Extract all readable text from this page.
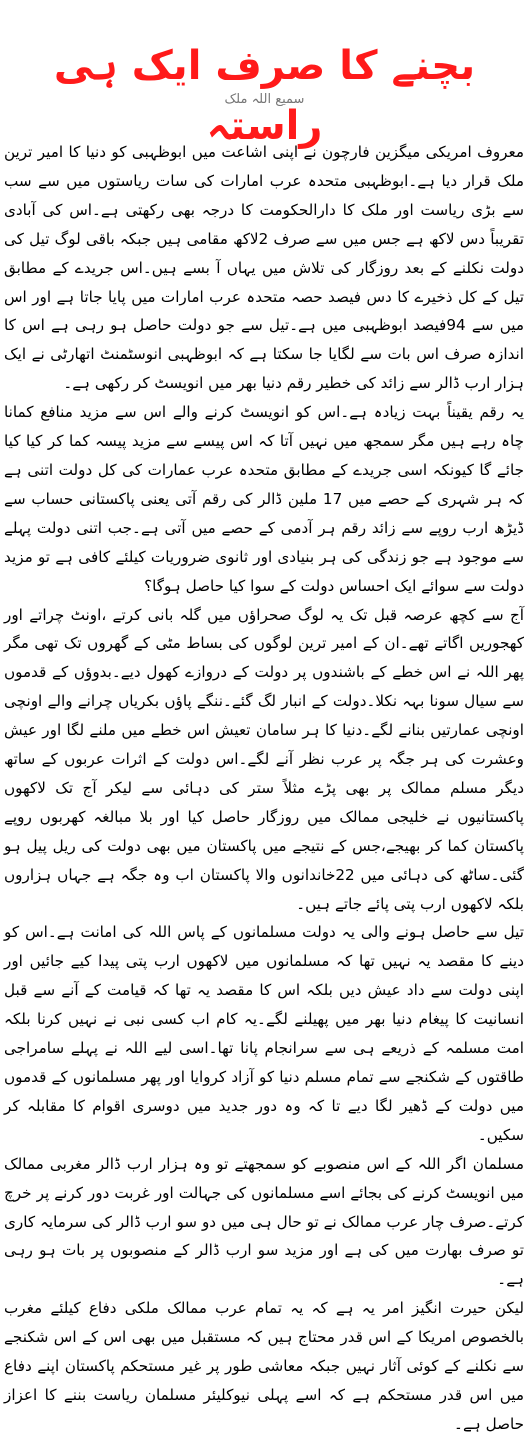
بچنے کا صرف ایک ہی راستہ
سمیع اللہ ملک

معروف امریکی میگزین فارچون نے اپنی اشاعت میں ابوظہبی کو دنیا کا امیر ترین ملک قرار دیا ہے۔ابوظہبی متحدہ عرب امارات کی سات ریاستوں میں سے سب سے بڑی ریاست اور ملک کا دارالحکومت کا درجہ بھی رکھتی ہے۔اس کی آبادی تقریباً دس لاکھ ہے جس میں سے صرف 2لاکھ مقامی ہیں جبکہ باقی لوگ تیل کی دولت نکلنے کے بعد روزگار کی تلاش میں یہاں آ بسے ہیں۔اس جریدے کے مطابق تیل کے کل ذخیرے کا دس فیصد حصہ متحدہ عرب امارات میں پایا جاتا ہے اور اس میں سے 94فیصد ابوظہبی میں ہے۔تیل سے جو دولت حاصل ہو رہی ہے اس کا اندازہ صرف اس بات سے لگایا جا سکتا ہے کہ ابوظہبی انوسٹمنٹ اتھارٹی نے ایک ہزار ارب ڈالر سے زائد کی خطیر رقم دنیا بھر میں انویسٹ کر رکھی ہے۔

یہ رقم یقیناً بہت زیادہ ہے۔اس کو انویسٹ کرنے والے اس سے مزید منافع کمانا چاہ رہے ہیں مگر سمجھ میں نہیں آتا کہ اس پیسے سے مزید پیسہ کما کر کیا کیا جائے گا کیونکہ اسی جریدے کے مطابق متحدہ عرب عمارات کی کل دولت اتنی ہے کہ ہر شہری کے حصے میں 17 ملین ڈالر کی رقم آتی یعنی پاکستانی حساب سے ڈیڑھ ارب روپے سے زائد رقم ہر آدمی کے حصے میں آتی ہے۔جب اتنی دولت پہلے سے موجود ہے جو زندگی کی ہر بنیادی اور ثانوی ضروریات کیلئے کافی ہے تو مزید دولت سے سوائے ایک احساس دولت کے سوا کیا حاصل ہوگا؟

آج سے کچھ عرصہ قبل تک یہ لوگ صحراؤں میں گلہ بانی کرتے ،اونٹ چراتے اور کھجوریں اگاتے تھے۔ان کے امیر ترین لوگوں کی بساط مٹی کے گھروں تک تھی مگر پھر اللہ نے اس خطے کے باشندوں پر دولت کے دروازے کھول دیے۔بدوؤں کے قدموں سے سیال سونا بہہ نکلا۔دولت کے انبار لگ گئے۔ننگے پاؤں بکریاں چرانے والے اونچی اونچی عمارتیں بنانے لگے۔دنیا کا ہر سامان تعیش اس خطے میں ملنے لگا اور عیش وعشرت کی ہر جگہ پر عرب نظر آنے لگے۔اس دولت کے اثرات عربوں کے ساتھ دیگر مسلم ممالک پر بھی پڑے مثلاً ستر کی دہائی سے لیکر آج تک لاکھوں پاکستانیوں نے خلیجی ممالک میں روزگار حاصل کیا اور بلا مبالغہ کھربوں روپے پاکستان کما کر بھیجے،جس کے نتیجے میں پاکستان میں بھی دولت کی ریل پیل ہو گئی۔ساٹھ کی دہائی میں 22خاندانوں والا پاکستان اب وہ جگہ ہے جہاں ہزاروں بلکہ لاکھوں ارب پتی پائے جاتے ہیں۔

تیل سے حاصل ہونے والی یہ دولت مسلمانوں کے پاس اللہ کی امانت ہے۔اس کو دینے کا مقصد یہ نہیں تھا کہ مسلمانوں میں لاکھوں ارب پتی پیدا کیے جائیں اور اپنی دولت سے داد عیش دیں بلکہ اس کا مقصد یہ تھا کہ قیامت کے آنے سے قبل انسانیت کا پیغام دنیا بھر میں پھیلنے لگے۔یہ کام اب کسی نبی نے نہیں کرنا بلکہ امت مسلمہ کے ذریعے ہی سے سرانجام پانا تھا۔اسی لیے اللہ نے پہلے سامراجی طاقتوں کے شکنجے سے تمام مسلم دنیا کو آزاد کروایا اور پھر مسلمانوں کے قدموں میں دولت کے ڈھیر لگا دیے تا کہ وہ دور جدید میں دوسری اقوام کا مقابلہ کر سکیں۔

مسلمان اگر اللہ کے اس منصوبے کو سمجھتے تو وہ ہزار ارب ڈالر مغربی ممالک میں انویسٹ کرنے کی بجائے اسے مسلمانوں کی جہالت اور غربت دور کرنے پر خرچ کرتے۔صرف چار عرب ممالک نے تو حال ہی میں دو سو ارب ڈالر کی سرمایہ کاری تو صرف بھارت میں کی ہے اور مزید سو ارب ڈالر کے منصوبوں پر بات ہو رہی ہے۔

لیکن حیرت انگیز امر یہ ہے کہ یہ تمام عرب ممالک ملکی دفاع کیلئے مغرب بالخصوص امریکا کے اس قدر محتاج ہیں کہ مستقبل میں بھی اس کے اس شکنجے سے نکلنے کے کوئی آثار نہیں جبکہ معاشی طور پر غیر مستحکم پاکستان اپنے دفاع میں اس قدر مستحکم ہے کہ اسے پہلی نیوکلیئر مسلمان ریاست بننے کا اعزاز حاصل ہے۔
